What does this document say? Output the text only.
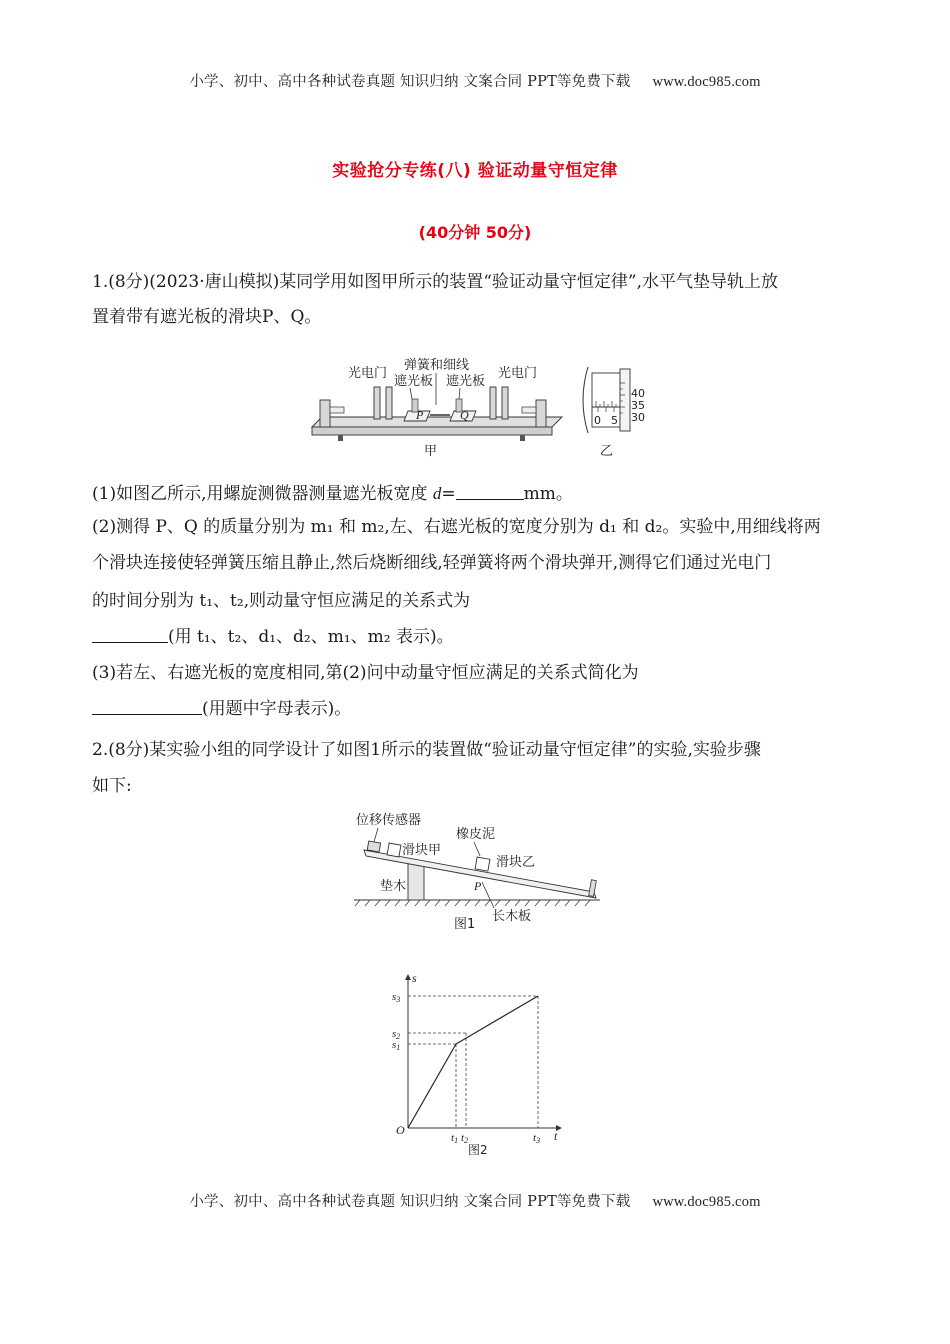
小学、初中、高中各种试卷真题 知识归纳 文案合同 PPT等免费下载 www.doc985.com
实验抢分专练(八) 验证动量守恒定律
(40分钟 50分)
1.(8分)(2023·唐山模拟)某同学用如图甲所示的装置“验证动量守恒定律”,水平气垫导轨上放
置着带有遮光板的滑块P、Q。
光电门
弹簧和细线
遮光板 遮光板
光电门
P	Q
甲
40
35
30
0 5
乙
(1)如图乙所示,用螺旋测微器测量遮光板宽度 d=	mm。
(2)测得 P、Q 的质量分别为 m₁ 和 m₂,左、右遮光板的宽度分别为 d₁ 和 d₂。实验中,用细线将两
个滑块连接使轻弹簧压缩且静止,然后烧断细线,轻弹簧将两个滑块弹开,测得它们通过光电门
的时间分别为 t₁、t₂,则动量守恒应满足的关系式为
(用 t₁、t₂、d₁、d₂、m₁、m₂ 表示)。
(3)若左、右遮光板的宽度相同,第(2)问中动量守恒应满足的关系式简化为
(用题中字母表示)。
2.(8分)某实验小组的同学设计了如图1所示的装置做“验证动量守恒定律”的实验,实验步骤
如下:
位移传感器
橡皮泥
垫木
滑块甲
滑块乙
P
长木板
图1
s
t
O
t1 t2	t3
s1
s2
s3
图2
小学、初中、高中各种试卷真题 知识归纳 文案合同 PPT等免费下载 www.doc985.com
